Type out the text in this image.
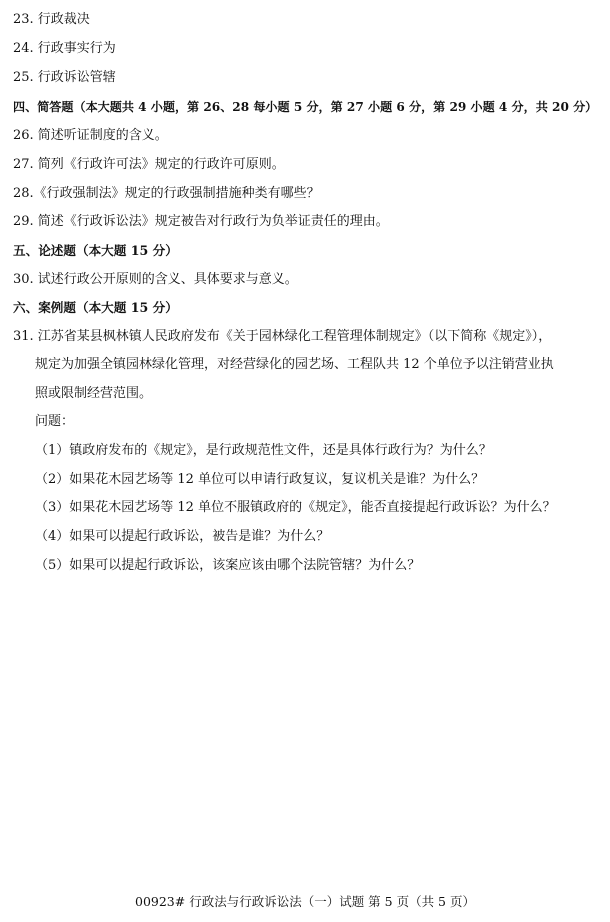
23. 行政裁决
24. 行政事实行为
25. 行政诉讼管辖
四、简答题（本大题共 4 小题，第 26、28 每小题 5 分，第 27 小题 6 分，第 29 小题 4 分，共 20 分）
26. 简述听证制度的含义。
27. 简列《行政许可法》规定的行政许可原则。
28.《行政强制法》规定的行政强制措施种类有哪些？
29. 简述《行政诉讼法》规定被告对行政行为负举证责任的理由。
五、论述题（本大题 15 分）
30. 试述行政公开原则的含义、具体要求与意义。
六、案例题（本大题 15 分）
31. 江苏省某县枫林镇人民政府发布《关于园林绿化工程管理体制规定》（以下简称《规定》），
规定为加强全镇园林绿化管理，对经营绿化的园艺场、工程队共 12 个单位予以注销营业执
照或限制经营范围。
问题：
（1）镇政府发布的《规定》，是行政规范性文件，还是具体行政行为？为什么？
（2）如果花木园艺场等 12 单位可以申请行政复议，复议机关是谁？为什么？
（3）如果花木园艺场等 12 单位不服镇政府的《规定》，能否直接提起行政诉讼？为什么？
（4）如果可以提起行政诉讼，被告是谁？为什么？
（5）如果可以提起行政诉讼，该案应该由哪个法院管辖？为什么？
00923# 行政法与行政诉讼法（一）试题 第 5 页（共 5 页）
